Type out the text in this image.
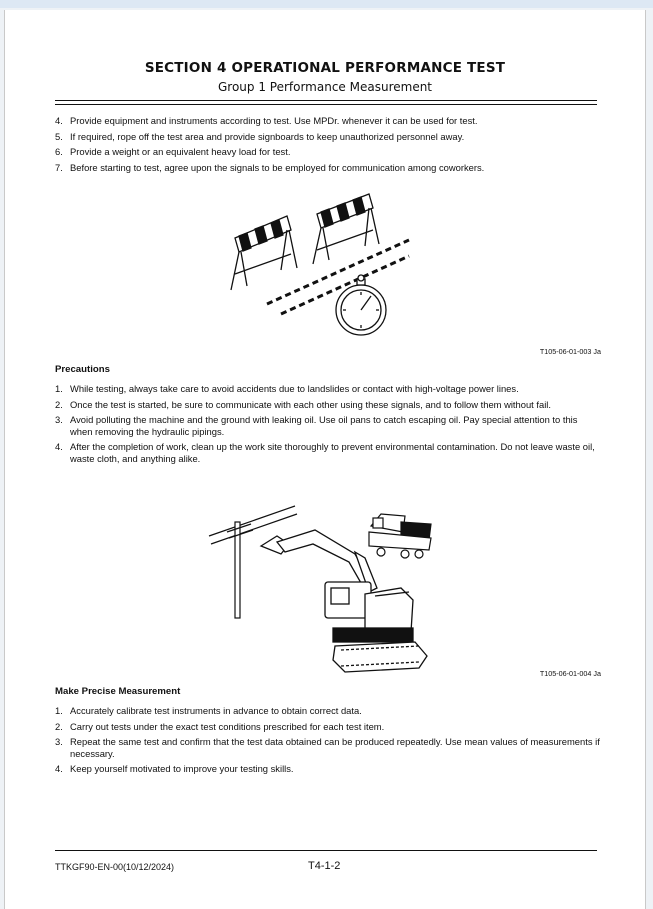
SECTION 4 OPERATIONAL PERFORMANCE TEST
Group 1 Performance Measurement
4. Provide equipment and instruments according to test. Use MPDr. whenever it can be used for test.
5. If required, rope off the test area and provide signboards to keep unauthorized personnel away.
6. Provide a weight or an equivalent heavy load for test.
7. Before starting to test, agree upon the signals to be employed for communication among coworkers.
T105-06-01-003 Ja
Precautions
1. While testing, always take care to avoid accidents due to landslides or contact with high-voltage power lines.
2. Once the test is started, be sure to communicate with each other using these signals, and to follow them without fail.
3. Avoid polluting the machine and the ground with leaking oil. Use oil pans to catch escaping oil. Pay special attention to this when removing the hydraulic pipings.
4. After the completion of work, clean up the work site thoroughly to prevent environmental contamination. Do not leave waste oil, waste cloth, and anything alike.
T105-06-01-004 Ja
Make Precise Measurement
1. Accurately calibrate test instruments in advance to obtain correct data.
2. Carry out tests under the exact test conditions prescribed for each test item.
3. Repeat the same test and confirm that the test data obtained can be produced repeatedly. Use mean values of measurements if necessary.
4. Keep yourself motivated to improve your testing skills.
TTKGF90-EN-00(10/12/2024)	T4-1-2
